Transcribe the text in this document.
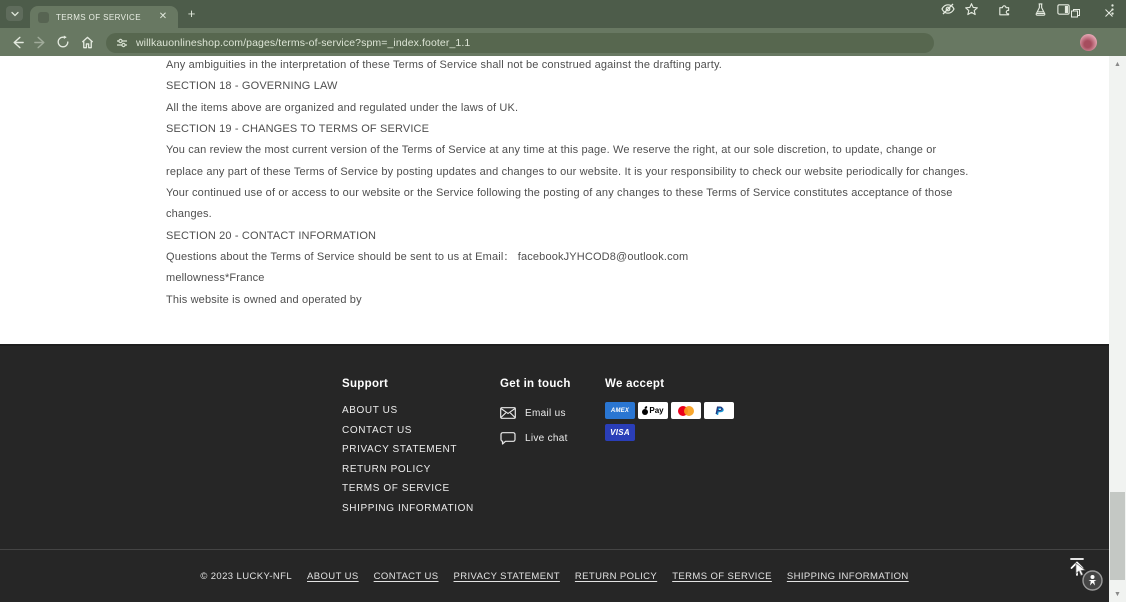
TERMS OF SERVICE	✕ +
willkauonlineshop.com/pages/terms-of-service?spm=_index.footer_1.1
Any ambiguities in the interpretation of these Terms of Service shall not be construed against the drafting party.
SECTION 18 - GOVERNING LAW
All the items above are organized and regulated under the laws of UK.
SECTION 19 - CHANGES TO TERMS OF SERVICE
You can review the most current version of the Terms of Service at any time at this page. We reserve the right, at our sole discretion, to update, change or
replace any part of these Terms of Service by posting updates and changes to our website. It is your responsibility to check our website periodically for changes.
Your continued use of or access to our website or the Service following the posting of any changes to these Terms of Service constitutes acceptance of those
changes.
SECTION 20 - CONTACT INFORMATION
Questions about the Terms of Service should be sent to us at Email： facebookJYHCOD8@outlook.com
mellowness*France
This website is owned and operated by
Support
ABOUT US
CONTACT US
PRIVACY STATEMENT
RETURN POLICY
TERMS OF SERVICE
SHIPPING INFORMATION
Get in touch
Email us
Live chat
We accept
AMEX	Pay	P
VISA
© 2023 LUCKY-NFL ABOUT US CONTACT US PRIVACY STATEMENT RETURN POLICY TERMS OF SERVICE SHIPPING INFORMATION
▲
▼
